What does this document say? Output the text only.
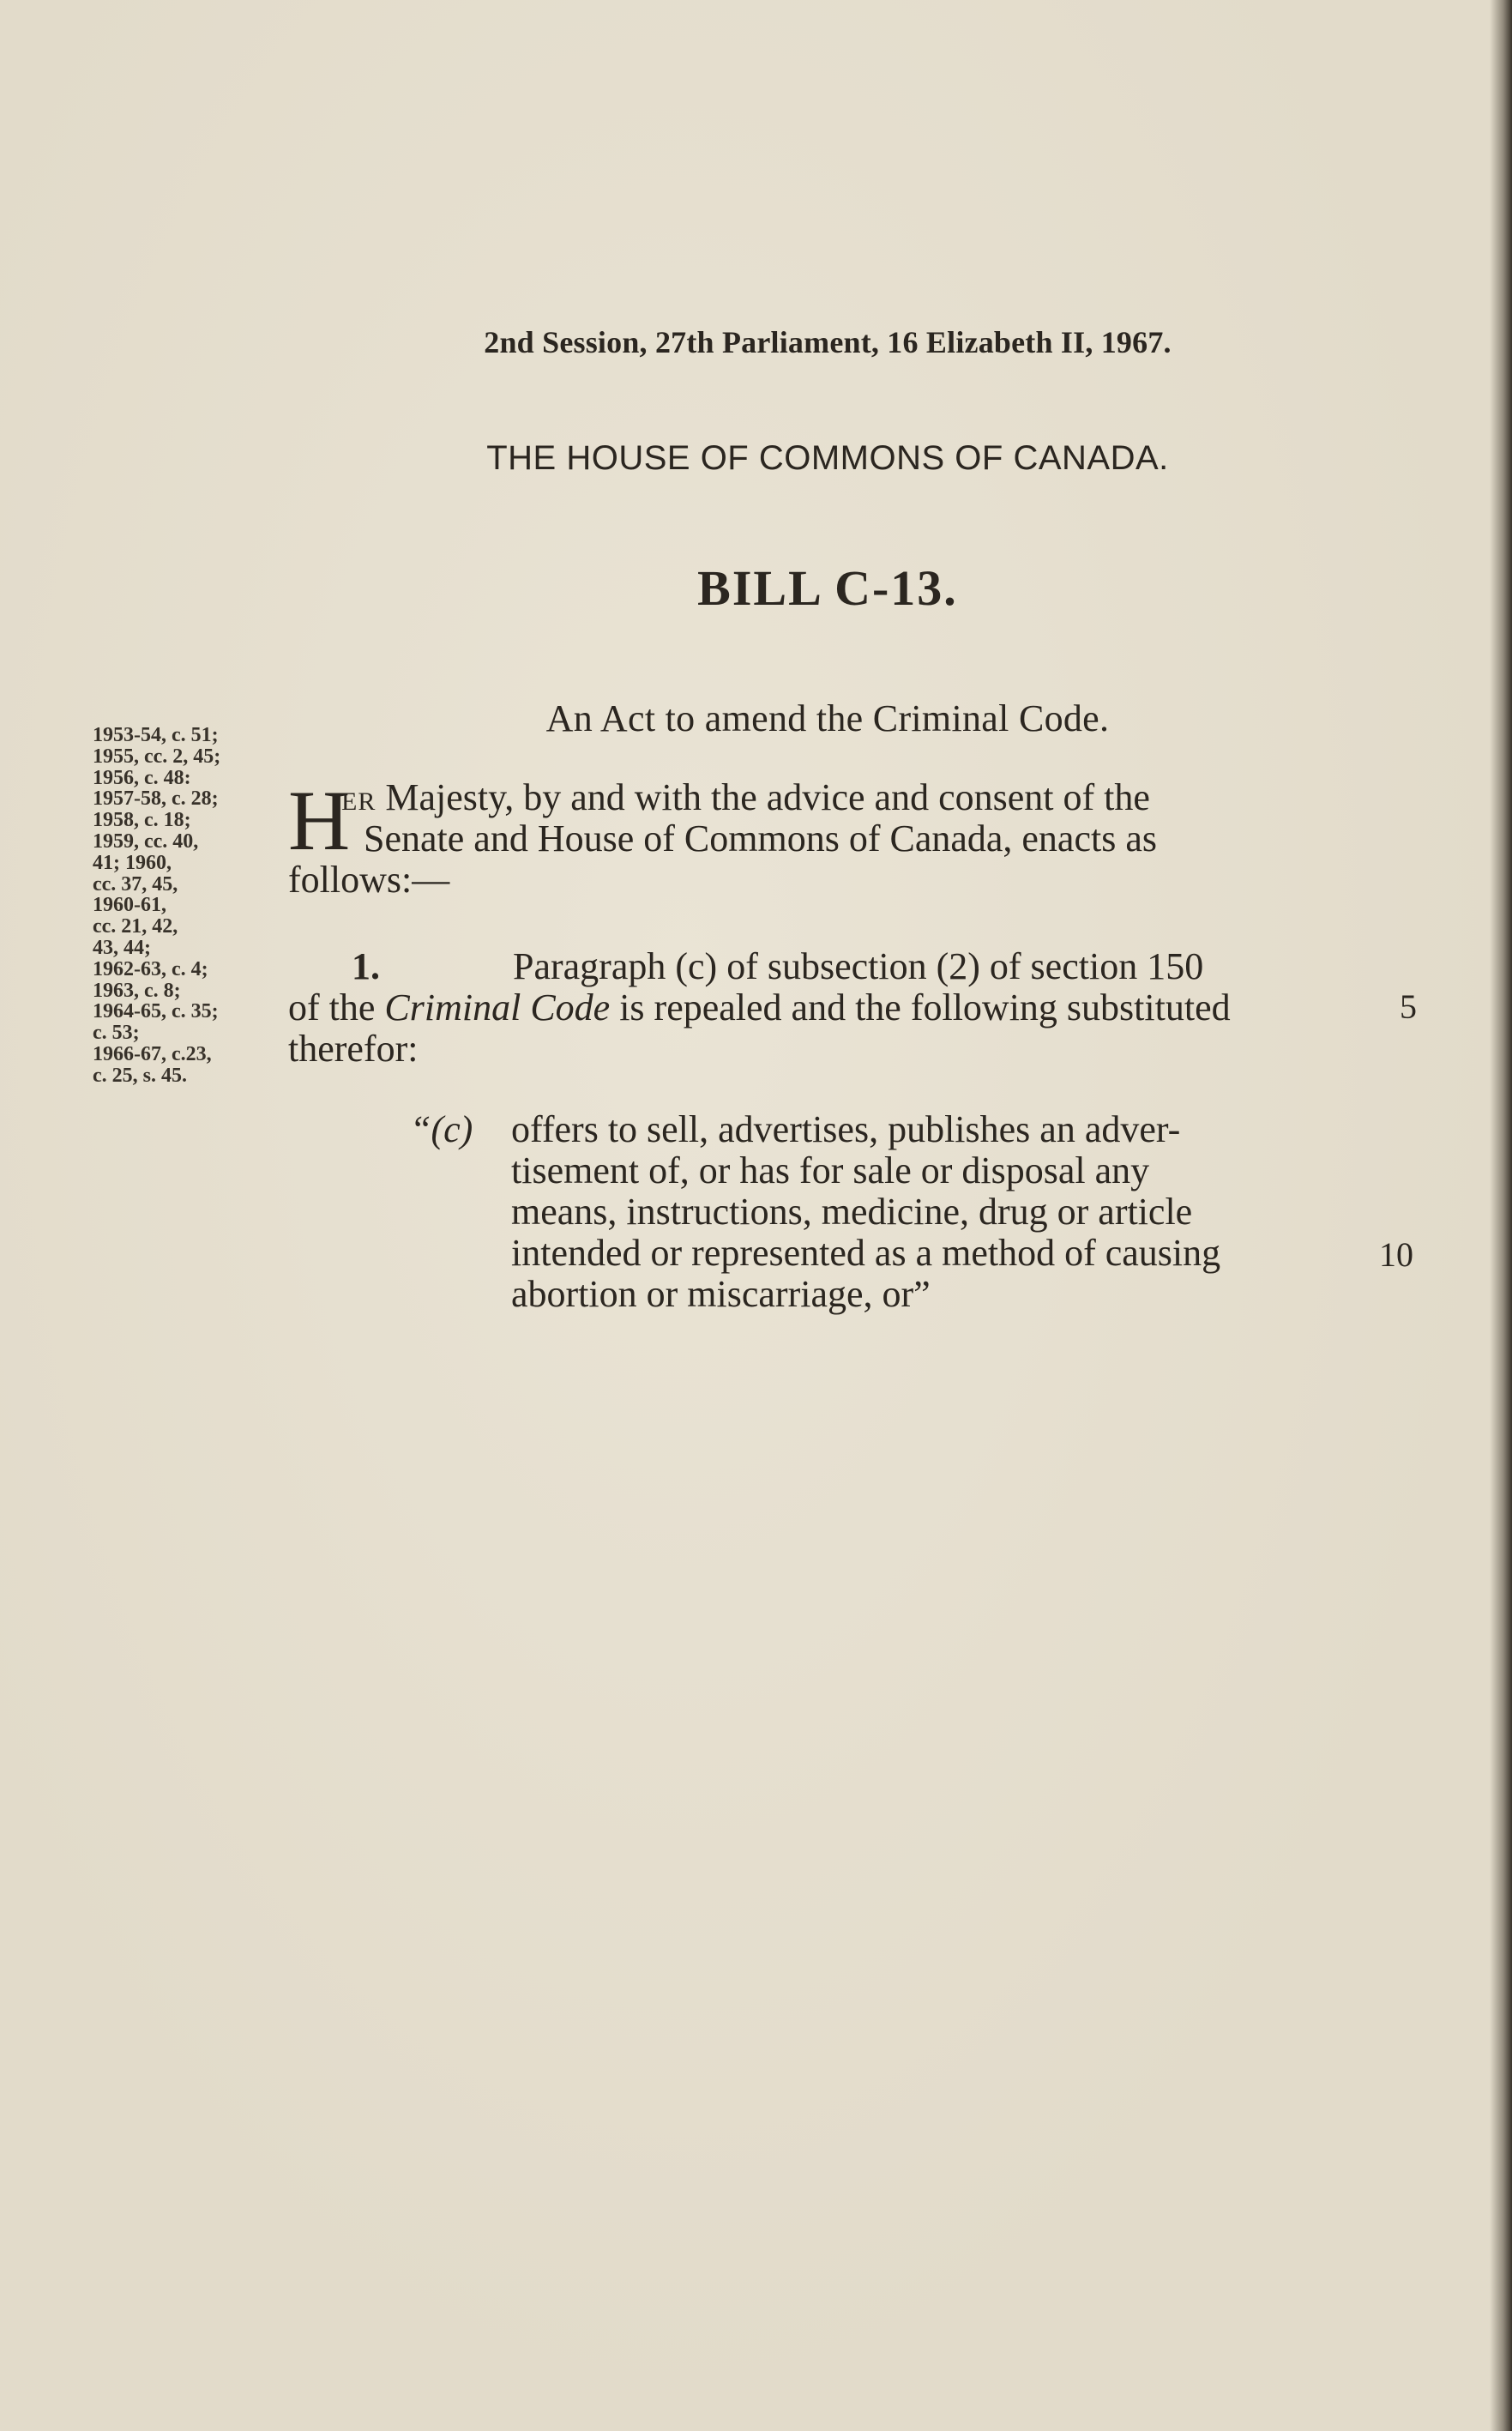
2nd Session, 27th Parliament, 16 Elizabeth II, 1967.
THE HOUSE OF COMMONS OF CANADA.
BILL C-13.
An Act to amend the Criminal Code.
1953-54, c. 51;
1955, cc. 2, 45;
1956, c. 48:
1957-58, c. 28;
1958, c. 18;
1959, cc. 40,
41; 1960,
cc. 37, 45,
1960-61,
cc. 21, 42,
43, 44;
1962-63, c. 4;
1963, c. 8;
1964-65, c. 35;
c. 53;
1966-67, c.23,
c. 25, s. 45.
H
ER Majesty, by and with the advice and consent of the
Senate and House of Commons of Canada, enacts as
follows:—
1.	Paragraph (c) of subsection (2) of section 150
of the Criminal Code is repealed and the following substituted
therefor:
5
“(c) offers to sell, advertises, publishes an adver-
tisement of, or has for sale or disposal any
means, instructions, medicine, drug or article
intended or represented as a method of causing
abortion or miscarriage, or”
10
